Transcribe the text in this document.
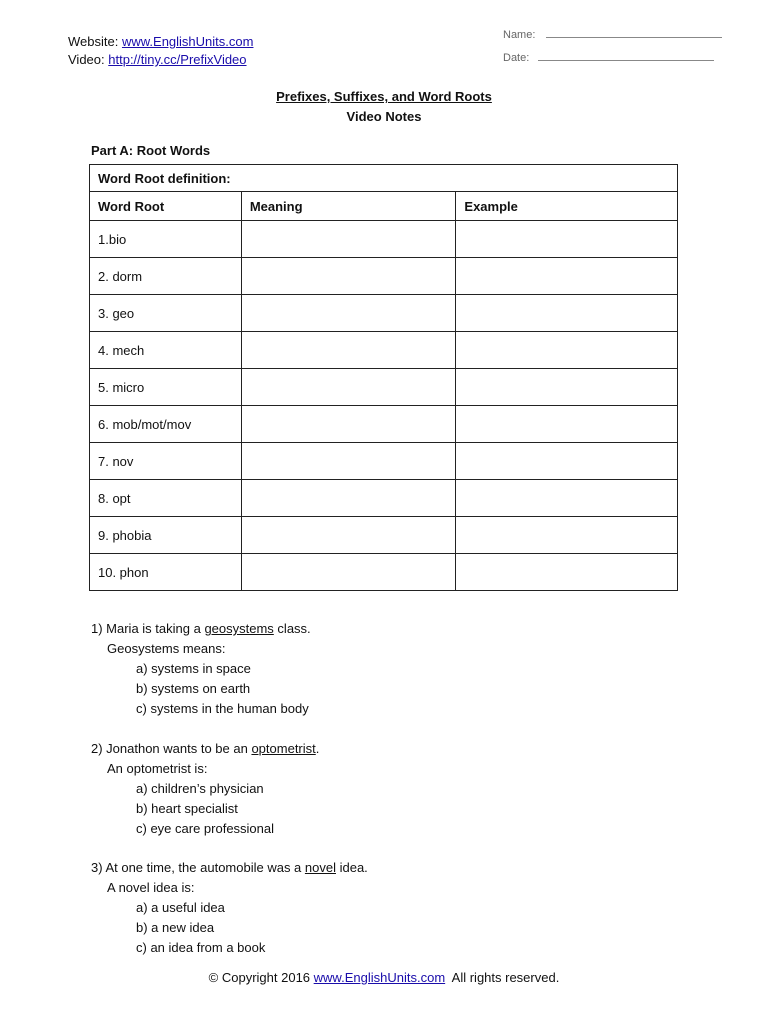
Website: www.EnglishUnits.com
Video: http://tiny.cc/PrefixVideo
Name:
Date:
Prefixes, Suffixes, and Word Roots
Video Notes
Part A: Root Words
Word Root definition:		
Word Root	Meaning	Example
1.bio		
2. dorm		
3. geo		
4. mech		
5. micro		
6. mob/mot/mov		
7. nov		
8. opt		
9. phobia		
10. phon		
1) Maria is taking a geosystems class.
Geosystems means:
a) systems in space
b) systems on earth
c) systems in the human body
2) Jonathon wants to be an optometrist.
An optometrist is:
a) children’s physician
b) heart specialist
c) eye care professional
3) At one time, the automobile was a novel idea.
A novel idea is:
a) a useful idea
b) a new idea
c) an idea from a book
© Copyright 2016 www.EnglishUnits.com  All rights reserved.
